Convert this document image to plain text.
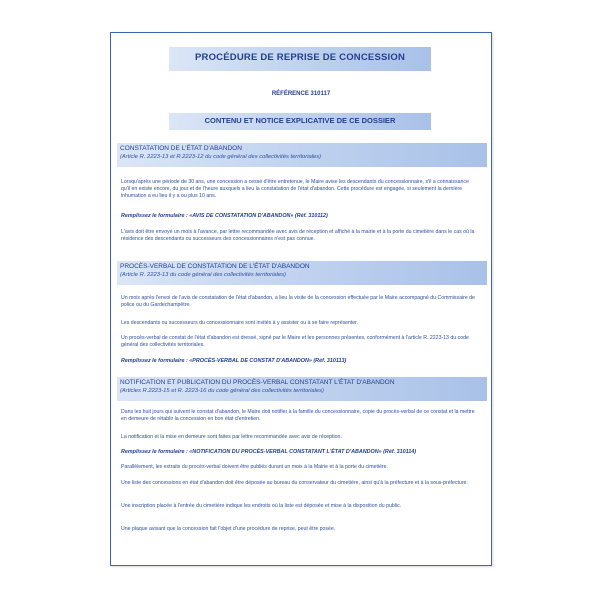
PROCÉDURE DE REPRISE DE CONCESSION
RÉFÉRENCE 310117
CONTENU ET NOTICE EXPLICATIVE DE CE DOSSIER
CONSTATATION DE L'ÉTAT D'ABANDON
(Article R. 2223-13 et R.2223-12 du code général des collectivités territoriales)
Lorsqu'après une période de 30 ans, une concession a cessé d'être entretenue, le Maire avise les descendants du concessionnaire, s'il a connaissance qu'il en existe encore, du jour et de l'heure auxquels a lieu la constatation de l'état d'abandon. Cette procédure est engagée, si seulement la dernière inhumation a eu lieu il y a ou plus 10 ans.
Remplissez le formulaire : «AVIS DE CONSTATATION D'ABANDON» (Réf. 310112)
L'avis doit être envoyé un mois à l'avance, par lettre recommandée avec avis de réception et affiché à la mairie et à la porte du cimetière dans le cas où la résidence des descendants ou successeurs des concessionnaires n'est pas connue.
PROCÈS-VERBAL DE CONSTATATION DE L'ÉTAT D'ABANDON
(Article R. 2223-13 du code général des collectivités territoriales)
Un mois après l'envoi de l'avis de constatation de l'état d'abandon, a lieu la visite de la concession effectuée par le Maire accompagné du Commissaire de police ou du Gardechampêtre.
Les descendants ou successeurs du concessionnaire sont invités à y assister ou à se faire représenter.
Un procès-verbal de constat de l'état d'abandon est dressé, signé par le Maire et les personnes présentes, conformément à l'article R. 2223-13 du code général des collectivités territoriales.
Remplissez le formulaire : «PROCÈS-VERBAL DE CONSTAT D'ABANDON» (Réf. 310113)
NOTIFICATION ET PUBLICATION DU PROCÈS-VERBAL CONSTATANT L'ÉTAT D'ABANDON
(Articles R.2223-15 et R. 2223-16 du code général des collectivités territoriales)
Dans les huit jours qui suivent le constat d'abandon, le Maire doit notifier à la famille du concessionnaire, copie du procès-verbal de ce constat et la mettre en demeure de rétablir la concession en bon état d'entretien.
La notification et la mise en demeure sont faites par lettre recommandée avec avis de réception.
Remplissez le formulaire : «NOTIFICATION DU PROCÈS-VERBAL CONSTATANT L'ÉTAT D'ABANDON» (Réf. 310114)
Parallèlement, les extraits du procès-verbal doivent être publiés durant un mois à la Mairie et à la porte du cimetière.
Une liste des concessions en état d'abandon doit être déposée au bureau du conservateur du cimetière, ainsi qu'à la préfecture et à la sous-préfecture.
Une inscription placée à l'entrée du cimetière indique les endroits où la liste est déposée et mise à la disposition du public.
Une plaque avisant que la concession fait l'objet d'une procédure de reprise, peut être posée.
